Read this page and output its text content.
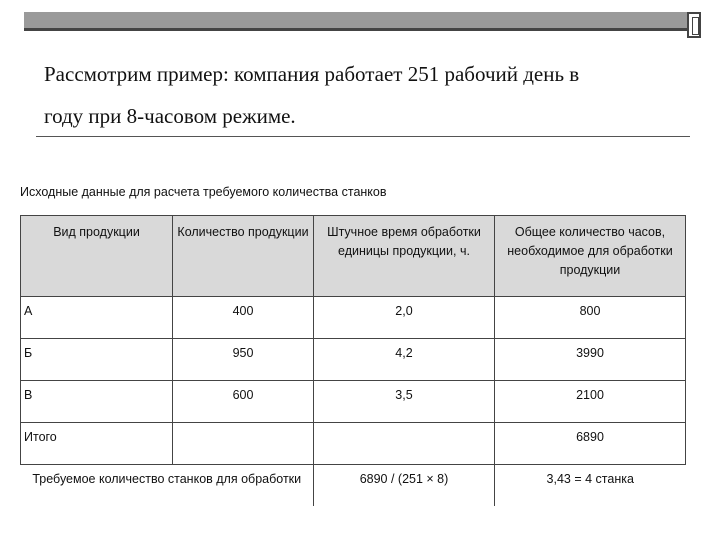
Рассмотрим пример: компания работает 251 рабочий день в
году при 8-часовом режиме.
Исходные данные для расчета требуемого количества станков
Вид продукции	Количество продукции	Штучное время обработки единицы продукции, ч.	Общее количество часов, необходимое для обработки продукции
А	400	2,0	800
Б	950	4,2	3990
В	600	3,5	2100
Итого			6890
Требуемое количество станков для обработки		6890 / (251 × 8)	3,43 = 4 станка
